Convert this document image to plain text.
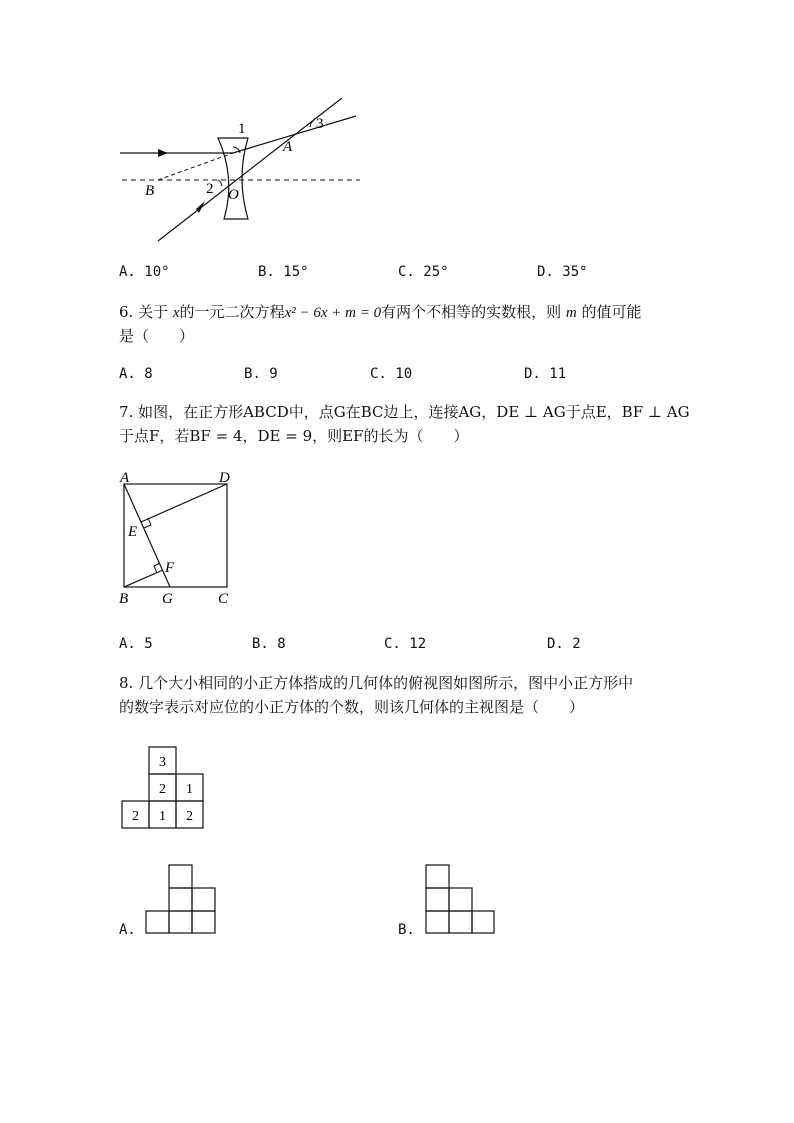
1	3
A
B	2 O
A. 10°	B. 15°	C. 25°	D. 35°
6. 关于 x的一元二次方程x² − 6x + m = 0有两个不相等的实数根，则 m 的值可能
是（　　）
A. 8	B. 9	C. 10	D. 11
7. 如图，在正方形ABCD中，点G在BC边上，连接AG，DE ⊥ AG于点E，BF ⊥ AG
于点F，若BF = 4，DE = 9，则EF的长为（　　）
A	D
E
F
B G	C
A. 5	B. 8	C. 12	D. 2
8. 几个大小相同的小正方体搭成的几何体的俯视图如图所示，图中小正方形中
的数字表示对应位的小正方体的个数，则该几何体的主视图是（　　）
3
2 1
2 1 2
A.	B.
